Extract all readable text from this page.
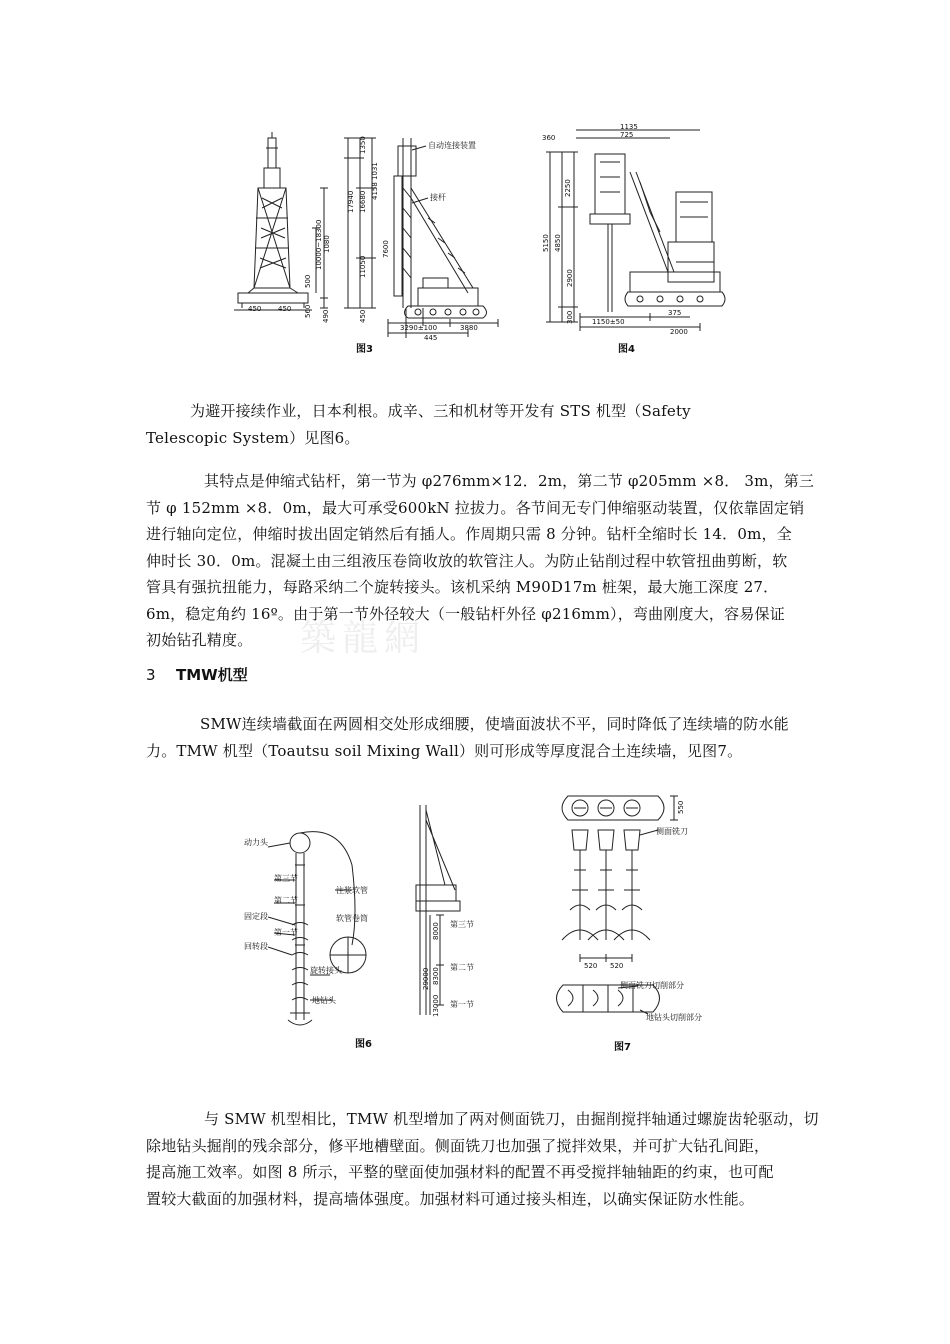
築龍網
1350
1031
4158
17940 16680
10000~18300	11050
7600
1080
500
560
450 450
450
490
3290±100	3880
445
自动连接装置
接杆
图3
1135
360	725
2250
5150 4850
2900
300	375
1150±50
2000
图4

为避开接续作业，日本利根。成辛、三和机材等开发有 STS 机型（Safety
Telescopic System）见图6。

其特点是伸缩式钻杆，第一节为 φ276mm×12．2m，第二节 φ205mm ×8． 3m，第三
节 φ 152mm ×8．0m，最大可承受600kN 拉拔力。各节间无专门伸缩驱动装置，仅依靠固定销
进行轴向定位，伸缩时拔出固定销然后有插人。作周期只需 8 分钟。钻杆全缩时长 14．0m，全
伸时长 30．0m。混凝土由三组液压卷筒收放的软管注人。为防止钻削过程中软管扭曲剪断，软
管具有强抗扭能力，每路采纳二个旋转接头。该机采纳 M90D17m 桩架，最大施工深度 27．
6m，稳定角约 16º。由于第一节外径较大（一般钻杆外径 φ216mm），弯曲刚度大，容易保证
初始钻孔精度。

3 TMW机型

SMW连续墙截面在两圆相交处形成细腰，使墙面波状不平，同时降低了连续墙的防水能
力。TMW 机型（Toautsu soil Mixing Wall）则可形成等厚度混合土连续墙，见图7。

动力头
第三节
第二节
固定段
第一节
回转段
旋转接头
地钻头
注浆软管
软管卷筒
第三节
第二节
第一节
8000
8300
29000
13000
图6
550
侧面铣刀
520 520
侧面铣刀切削部分
地钻头切削部分
图7

与 SMW 机型相比，TMW 机型增加了两对侧面铣刀，由掘削搅拌轴通过螺旋齿轮驱动，切
除地钻头掘削的残余部分，修平地槽壁面。侧面铣刀也加强了搅拌效果，并可扩大钻孔间距，
提高施工效率。如图 8 所示，平整的壁面使加强材料的配置不再受搅拌轴轴距的约束，也可配
置较大截面的加强材料，提高墙体强度。加强材料可通过接头相连，以确实保证防水性能。
